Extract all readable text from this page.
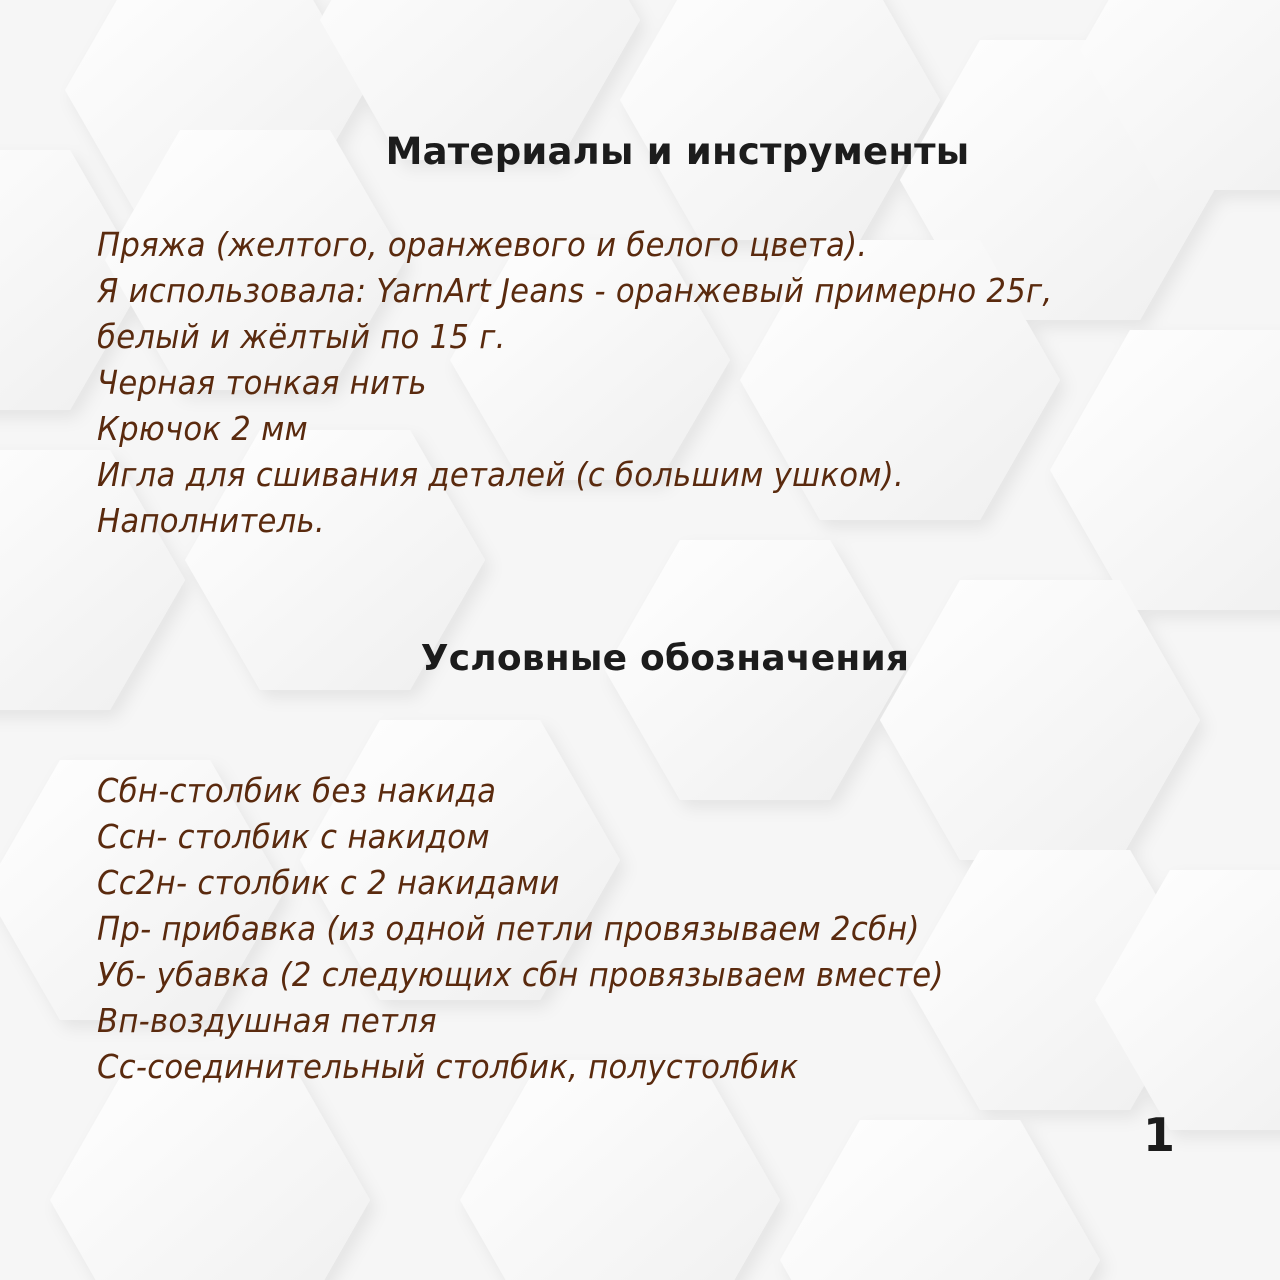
Материалы и инструменты
Пряжа (желтого, оранжевого и белого цвета).
Я использовала: YarnArt Jeans - оранжевый примерно 25г,
белый и жёлтый по 15 г.
Черная тонкая нить
Крючок 2 мм
Игла для сшивания деталей (с большим ушком).
Наполнитель.
Условные обозначения
Сбн-столбик без накида
Ссн- столбик с накидом
Сс2н- столбик с 2 накидами
Пр- прибавка (из одной петли провязываем 2сбн)
Уб- убавка (2 следующих сбн провязываем вместе)
Вп-воздушная петля
Сс-соединительный столбик, полустолбик
1
